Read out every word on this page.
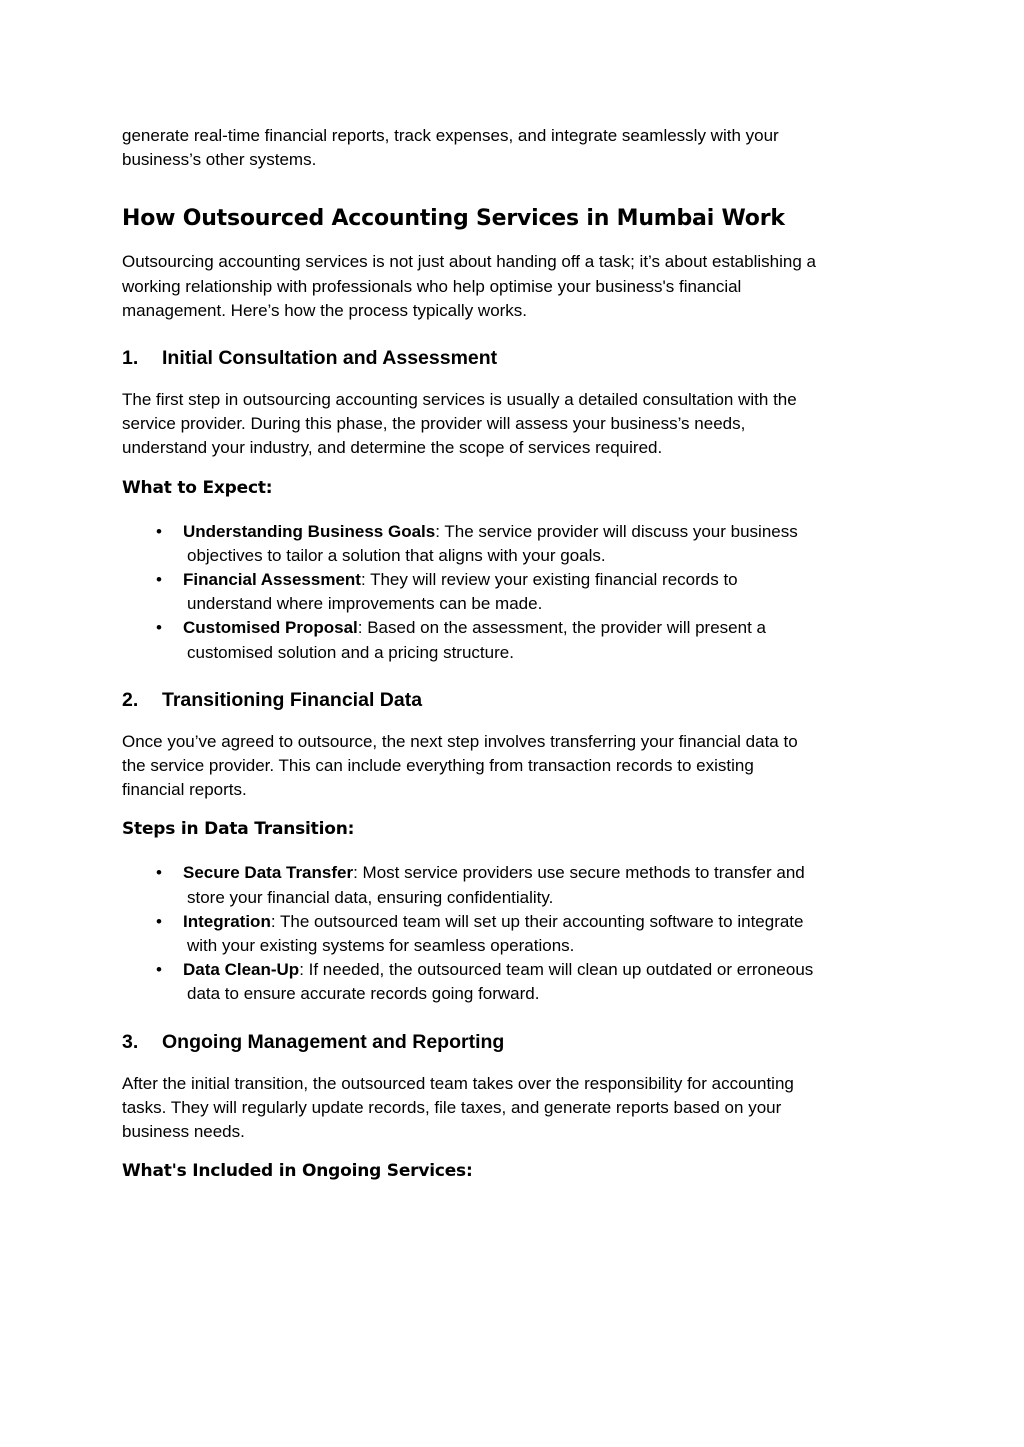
generate real-time financial reports, track expenses, and integrate seamlessly with your
business’s other systems.

How Outsourced Accounting Services in Mumbai Work

Outsourcing accounting services is not just about handing off a task; it’s about establishing a
working relationship with professionals who help optimise your business's financial
management. Here’s how the process typically works.

1.	Initial Consultation and Assessment

The first step in outsourcing accounting services is usually a detailed consultation with the
service provider. During this phase, the provider will assess your business’s needs,
understand your industry, and determine the scope of services required.

What to Expect:
• Understanding Business Goals: The service provider will discuss your business
objectives to tailor a solution that aligns with your goals.
• Financial Assessment: They will review your existing financial records to
understand where improvements can be made.
• Customised Proposal: Based on the assessment, the provider will present a
customised solution and a pricing structure.
2.	Transitioning Financial Data

Once you’ve agreed to outsource, the next step involves transferring your financial data to
the service provider. This can include everything from transaction records to existing
financial reports.

Steps in Data Transition:
• Secure Data Transfer: Most service providers use secure methods to transfer and
store your financial data, ensuring confidentiality.
• Integration: The outsourced team will set up their accounting software to integrate
with your existing systems for seamless operations.
• Data Clean-Up: If needed, the outsourced team will clean up outdated or erroneous
data to ensure accurate records going forward.
3.	Ongoing Management and Reporting

After the initial transition, the outsourced team takes over the responsibility for accounting
tasks. They will regularly update records, file taxes, and generate reports based on your
business needs.

What's Included in Ongoing Services:
